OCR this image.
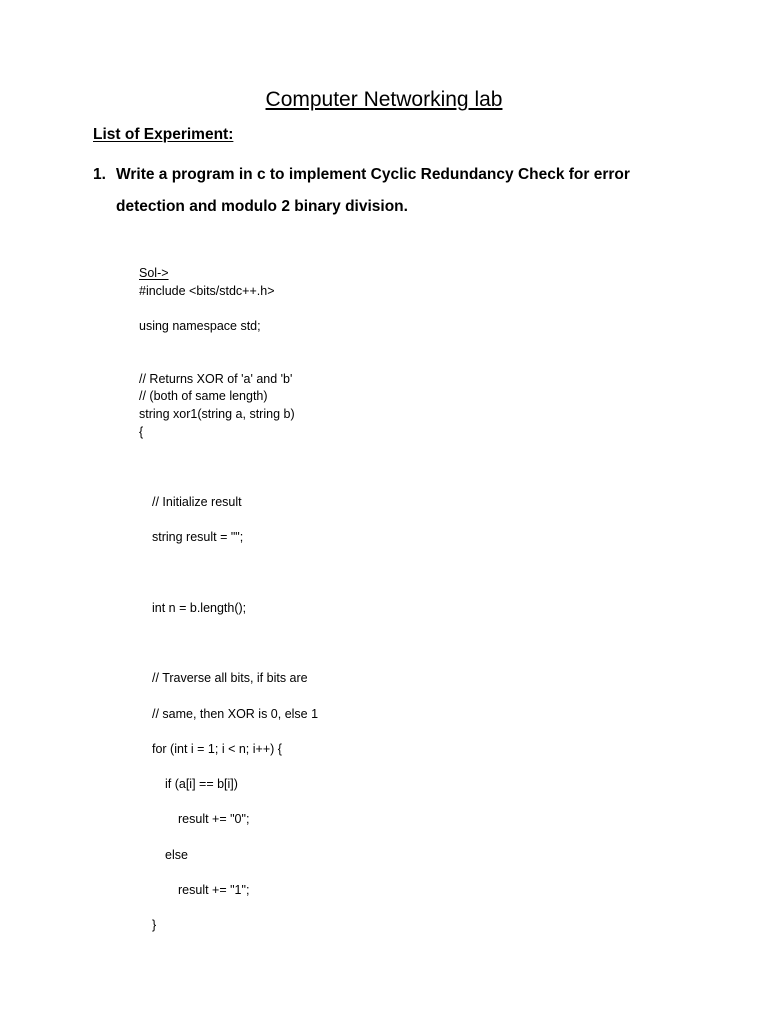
Computer Networking lab
List of Experiment:
1. Write a program in c to implement Cyclic Redundancy Check for error
detection and modulo 2 binary division.
Sol->
#include <bits/stdc++.h>
using namespace std;
// Returns XOR of 'a' and 'b'
// (both of same length)
string xor1(string a, string b)
{
// Initialize result
string result = "";
int n = b.length();
// Traverse all bits, if bits are
// same, then XOR is 0, else 1
for (int i = 1; i < n; i++) {
if (a[i] == b[i])
result += "0";
else
result += "1";
}
